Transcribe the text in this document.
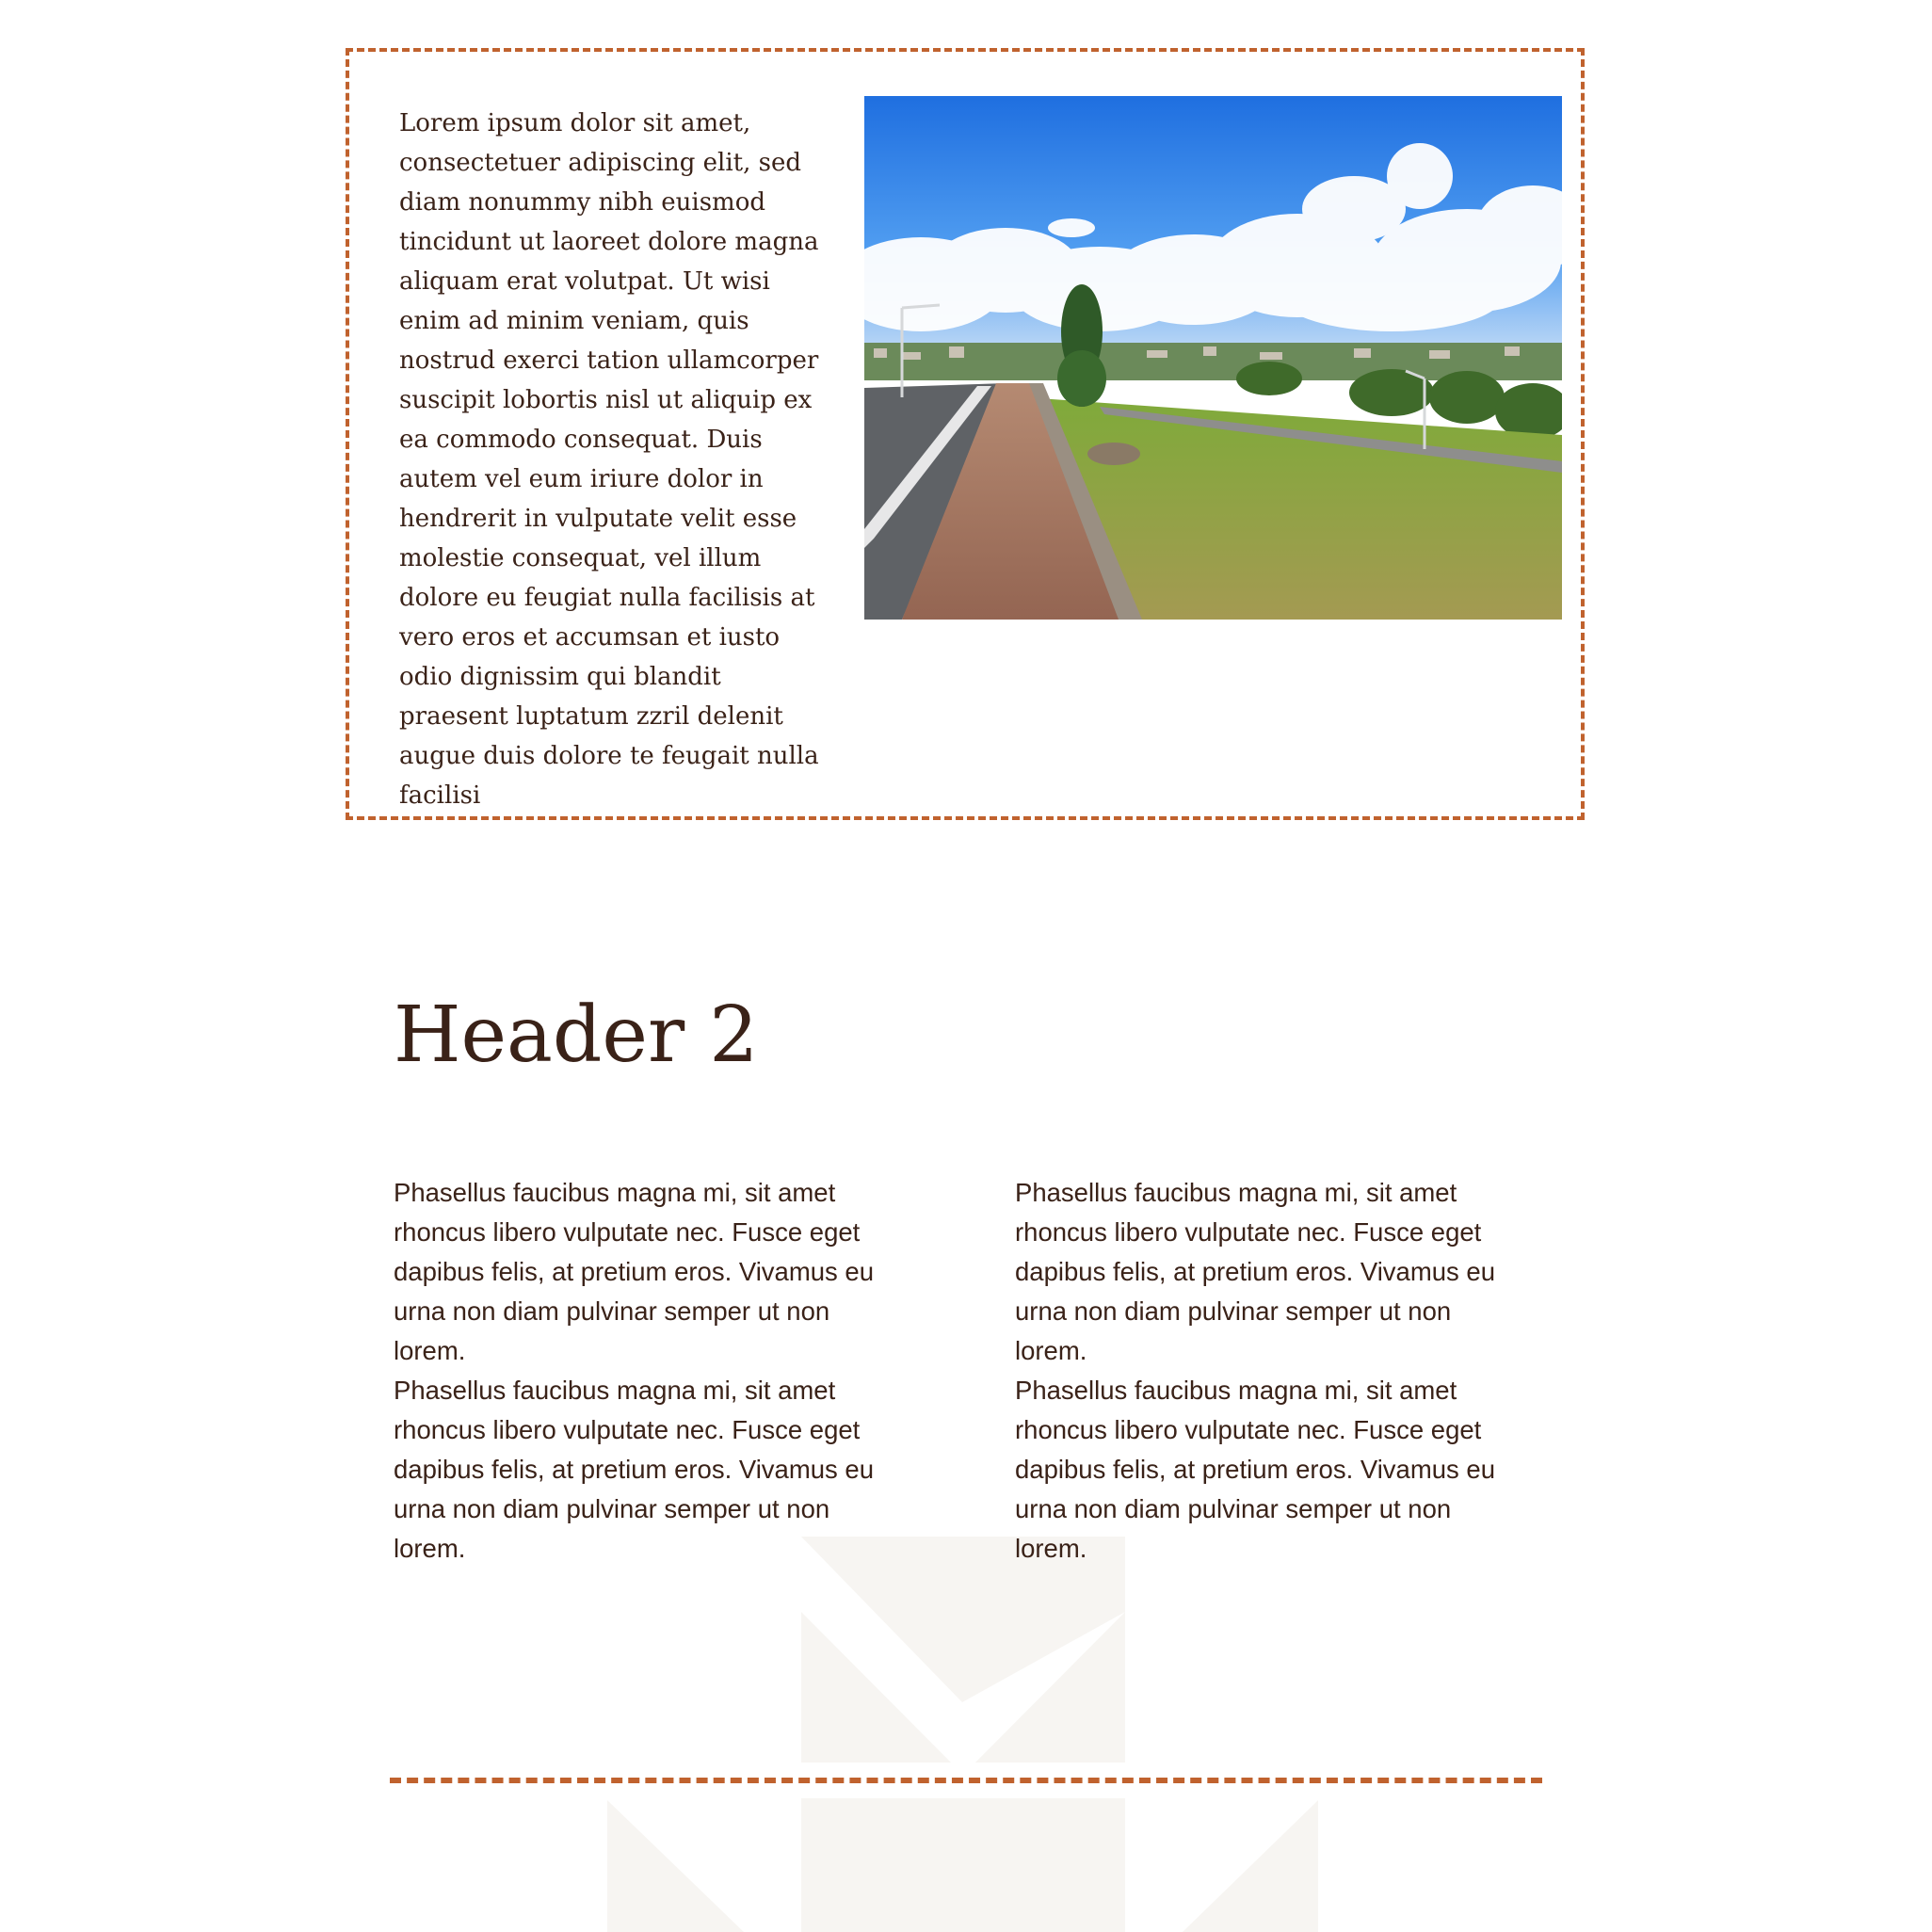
Lorem ipsum dolor sit amet, consectetuer adipiscing elit, sed diam nonummy nibh euismod tincidunt ut laoreet dolore magna aliquam erat volutpat. Ut wisi enim ad minim veniam, quis nostrud exerci tation ullamcorper suscipit lobortis nisl ut aliquip ex ea commodo consequat. Duis autem vel eum iriure dolor in hendrerit in vulputate velit esse molestie consequat, vel illum dolore eu feugiat nulla facilisis at vero eros et accumsan et iusto odio dignissim qui blandit praesent luptatum zzril delenit augue duis dolore te feugait nulla facilisi

Header 2

Phasellus faucibus magna mi, sit amet rhoncus libero vulputate nec. Fusce eget dapibus felis, at pretium eros. Vivamus eu urna non diam pulvinar semper ut non lorem.

Phasellus faucibus magna mi, sit amet rhoncus libero vulputate nec. Fusce eget dapibus felis, at pretium eros. Vivamus eu urna non diam pulvinar semper ut non lorem.

Phasellus faucibus magna mi, sit amet rhoncus libero vulputate nec. Fusce eget dapibus felis, at pretium eros. Vivamus eu urna non diam pulvinar semper ut non lorem.

Phasellus faucibus magna mi, sit amet rhoncus libero vulputate nec. Fusce eget dapibus felis, at pretium eros. Vivamus eu urna non diam pulvinar semper ut non lorem.
